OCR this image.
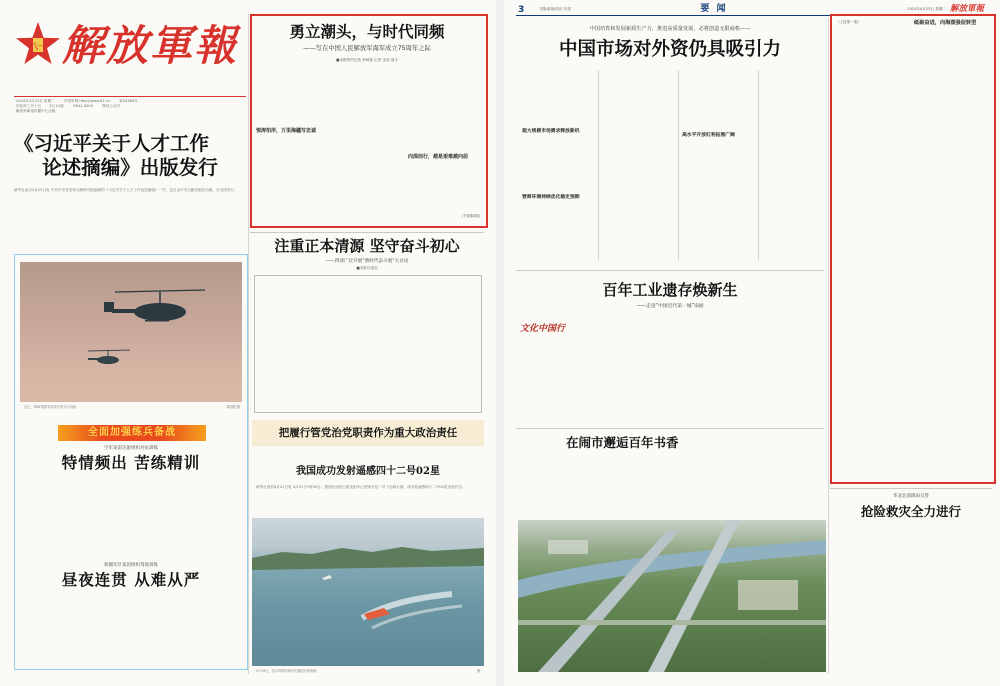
八一 解放軍報
2024年4月23日 星期二	中国军网 http://www.81.cn	第24369号
甲辰年三月十五 今日12版	CN11-0003	微信公众号
解放军新闻传播中心出版
《习近平关于人才工作
论述摘编》出版发行
新华社北京4月22日电 中共中央党史和文献研究院编辑的《习近平关于人才工作论述摘编》一书，近日由中央文献出版社出版，在全国发行。
近日，第81集团军某旅开展飞行训练。	周国刚 摄
全面加强练兵备战
空军某雷达旅组织对抗训练
特情频出 苦练精训
新疆军区某团组织驾驶训练
昼夜连贯 从难从严
勇立潮头，与时代同频
——写在中国人民解放军海军成立75周年之际
■本报特约记者 李师春 记者 宋浩 周丰
惊涛拍岸，万里海疆写忠诚
向深而行，越是艰难越向前
(下转第2版)
注重正本清源 坚守奋斗初心
——四谈广泛开展“新时代奋斗观”大讨论
■本报评论员
把履行管党治党职责作为重大政治责任
我国成功发射遥感四十二号02星
新华社西昌4月21日电 4月21日7时45分，我国在西昌卫星发射中心使用长征二号丁运载火箭，成功将遥感四十二号02星发射升空。
4月19日，官兵驾驶冲锋舟在湖面开展训练。	摄
3	国际新闻/经济 综述	要 闻	2024年4月23日 星期二 解放軍報
中国培育和发展新质生产力，推进高质量发展，必将创造无限商机——
中国市场对外资仍具吸引力
超大规模市场需求释放新机
营商环境持续优化稳定预期
高水平开放红利拓展广阔
（上接第一版）	砥砺奋进，向海图强促转型
百年工业遗存焕新生
——走进“中国近代第一城”南通
文化中国行
在闹市邂逅百年书香
华北北部降雨交替
抢险救灾全力进行
